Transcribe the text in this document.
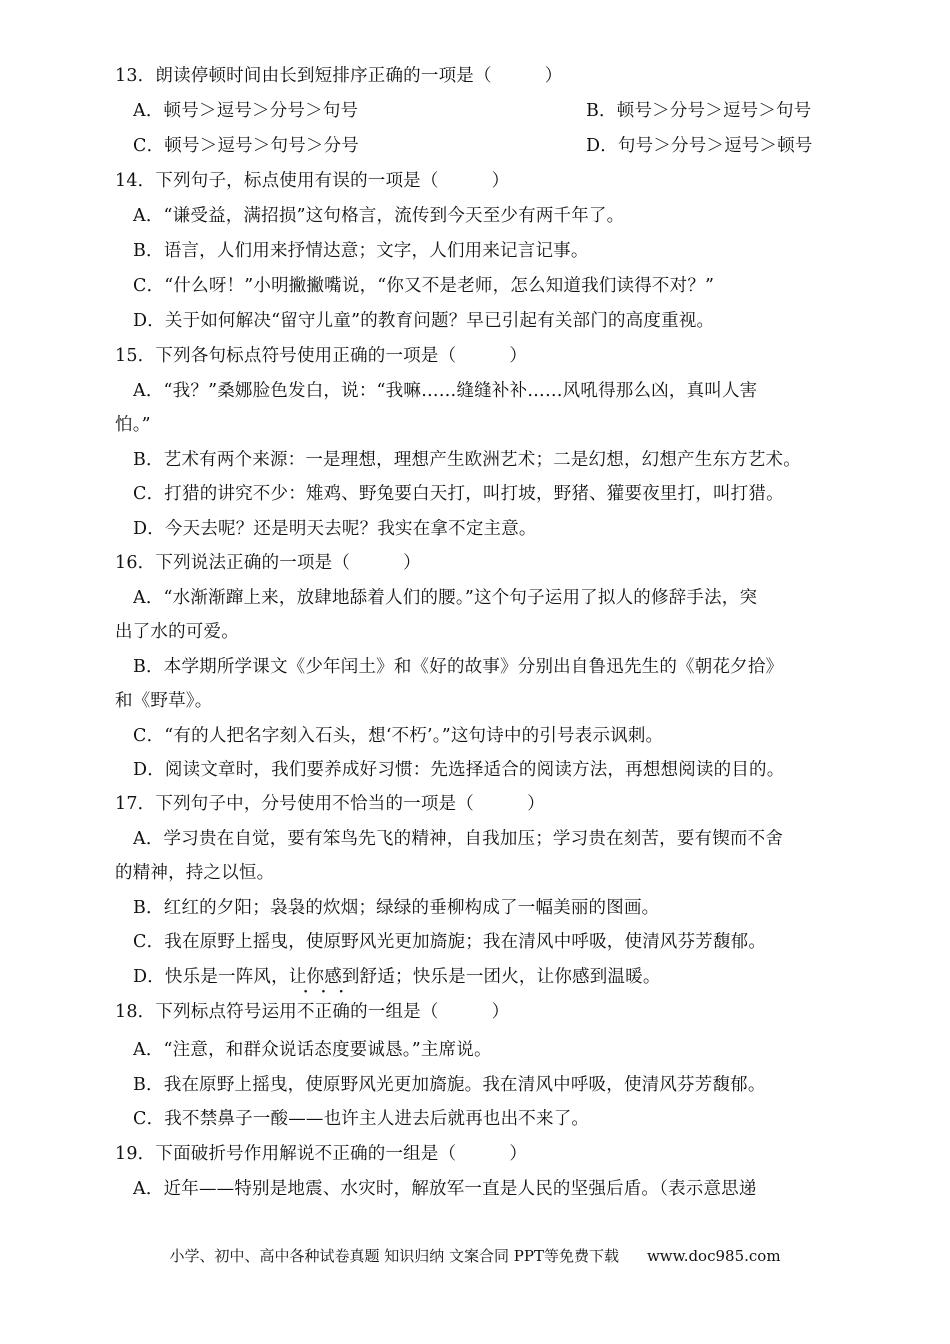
13．朗读停顿时间由长到短排序正确的一项是（　　　）
A．顿号＞逗号＞分号＞句号	B．顿号＞分号＞逗号＞句号
C．顿号＞逗号＞句号＞分号	D．句号＞分号＞逗号＞顿号
14．下列句子，标点使用有误的一项是（　　　）
A．“谦受益，满招损”这句格言，流传到今天至少有两千年了。
B．语言，人们用来抒情达意；文字，人们用来记言记事。
C．“什么呀！”小明撇撇嘴说，“你又不是老师，怎么知道我们读得不对？”
D．关于如何解决“留守儿童”的教育问题？早已引起有关部门的高度重视。
15．下列各句标点符号使用正确的一项是（　　　）
A．“我？”桑娜脸色发白，说：“我嘛……缝缝补补……风吼得那么凶，真叫人害
怕。”
B．艺术有两个来源：一是理想，理想产生欧洲艺术；二是幻想，幻想产生东方艺术。
C．打猎的讲究不少：雉鸡、野兔要白天打，叫打坡，野猪、獾要夜里打，叫打猎。
D．今天去呢？还是明天去呢？我实在拿不定主意。
16．下列说法正确的一项是（　　　）
A．“水渐渐蹿上来，放肆地舔着人们的腰。”这个句子运用了拟人的修辞手法，突
出了水的可爱。
B．本学期所学课文《少年闰土》和《好的故事》分别出自鲁迅先生的《朝花夕拾》
和《野草》。
C．“有的人把名字刻入石头，想‘不朽’。”这句诗中的引号表示讽刺。
D．阅读文章时，我们要养成好习惯：先选择适合的阅读方法，再想想阅读的目的。
17．下列句子中，分号使用不恰当的一项是（　　　）
A．学习贵在自觉，要有笨鸟先飞的精神，自我加压；学习贵在刻苦，要有锲而不舍
的精神，持之以恒。
B．红红的夕阳；袅袅的炊烟；绿绿的垂柳构成了一幅美丽的图画。
C．我在原野上摇曳，使原野风光更加旖旎；我在清风中呼吸，使清风芬芳馥郁。
D．快乐是一阵风，让你感到舒适；快乐是一团火，让你感到温暖。
18．下列标点符号运用不正确的一组是（　　　）
A．“注意，和群众说话态度要诚恳。”主席说。
B．我在原野上摇曳，使原野风光更加旖旎。我在清风中呼吸，使清风芬芳馥郁。
C．我不禁鼻子一酸——也许主人进去后就再也出不来了。
19．下面破折号作用解说不正确的一组是（　　　）
A．近年——特别是地震、水灾时，解放军一直是人民的坚强后盾。（表示意思递
小学、初中、高中各种试卷真题 知识归纳 文案合同 PPT等免费下载 www.doc985.com
